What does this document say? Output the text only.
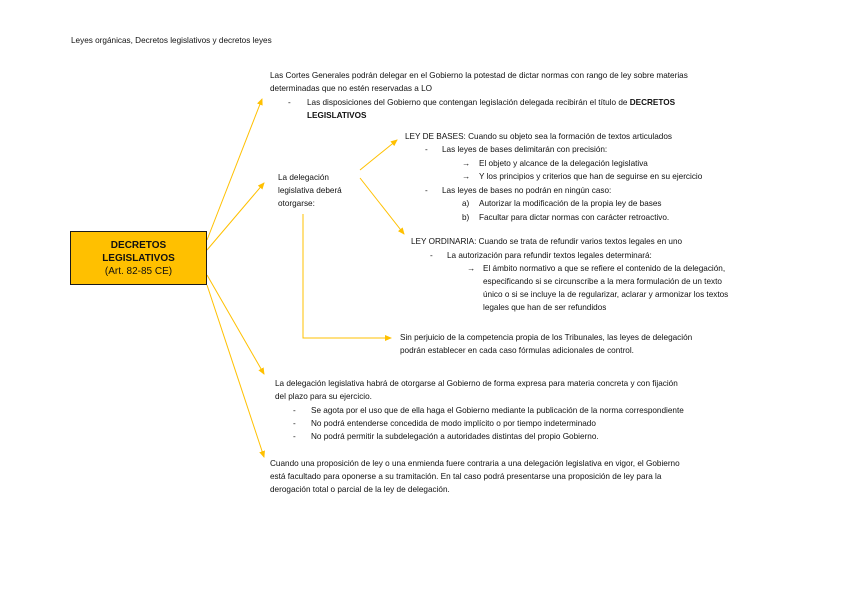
Leyes orgánicas, Decretos legislativos y decretos leyes
DECRETOS
LEGISLATIVOS
(Art. 82-85 CE)
Las Cortes Generales podrán delegar en el Gobierno la potestad de dictar normas con rango de ley sobre materias
determinadas que no estén reservadas a LO
- Las disposiciones del Gobierno que contengan legislación delegada recibirán el título de DECRETOS
LEGISLATIVOS
La delegación
legislativa deberá
otorgarse:
LEY DE BASES: Cuando su objeto sea la formación de textos articulados
- Las leyes de bases delimitarán con precisión:
→ El objeto y alcance de la delegación legislativa
→ Y los principios y criterios que han de seguirse en su ejercicio
- Las leyes de bases no podrán en ningún caso:
a) Autorizar la modificación de la propia ley de bases
b) Facultar para dictar normas con carácter retroactivo.
LEY ORDINARIA: Cuando se trata de refundir varios textos legales en uno
- La autorización para refundir textos legales determinará:
→ El ámbito normativo a que se refiere el contenido de la delegación,
especificando si se circunscribe a la mera formulación de un texto
único o si se incluye la de regularizar, aclarar y armonizar los textos
legales que han de ser refundidos
Sin perjuicio de la competencia propia de los Tribunales, las leyes de delegación
podrán establecer en cada caso fórmulas adicionales de control.
La delegación legislativa habrá de otorgarse al Gobierno de forma expresa para materia concreta y con fijación
del plazo para su ejercicio.
- Se agota por el uso que de ella haga el Gobierno mediante la publicación de la norma correspondiente
- No podrá entenderse concedida de modo implícito o por tiempo indeterminado
- No podrá permitir la subdelegación a autoridades distintas del propio Gobierno.
Cuando una proposición de ley o una enmienda fuere contraria a una delegación legislativa en vigor, el Gobierno
está facultado para oponerse a su tramitación. En tal caso podrá presentarse una proposición de ley para la
derogación total o parcial de la ley de delegación.
